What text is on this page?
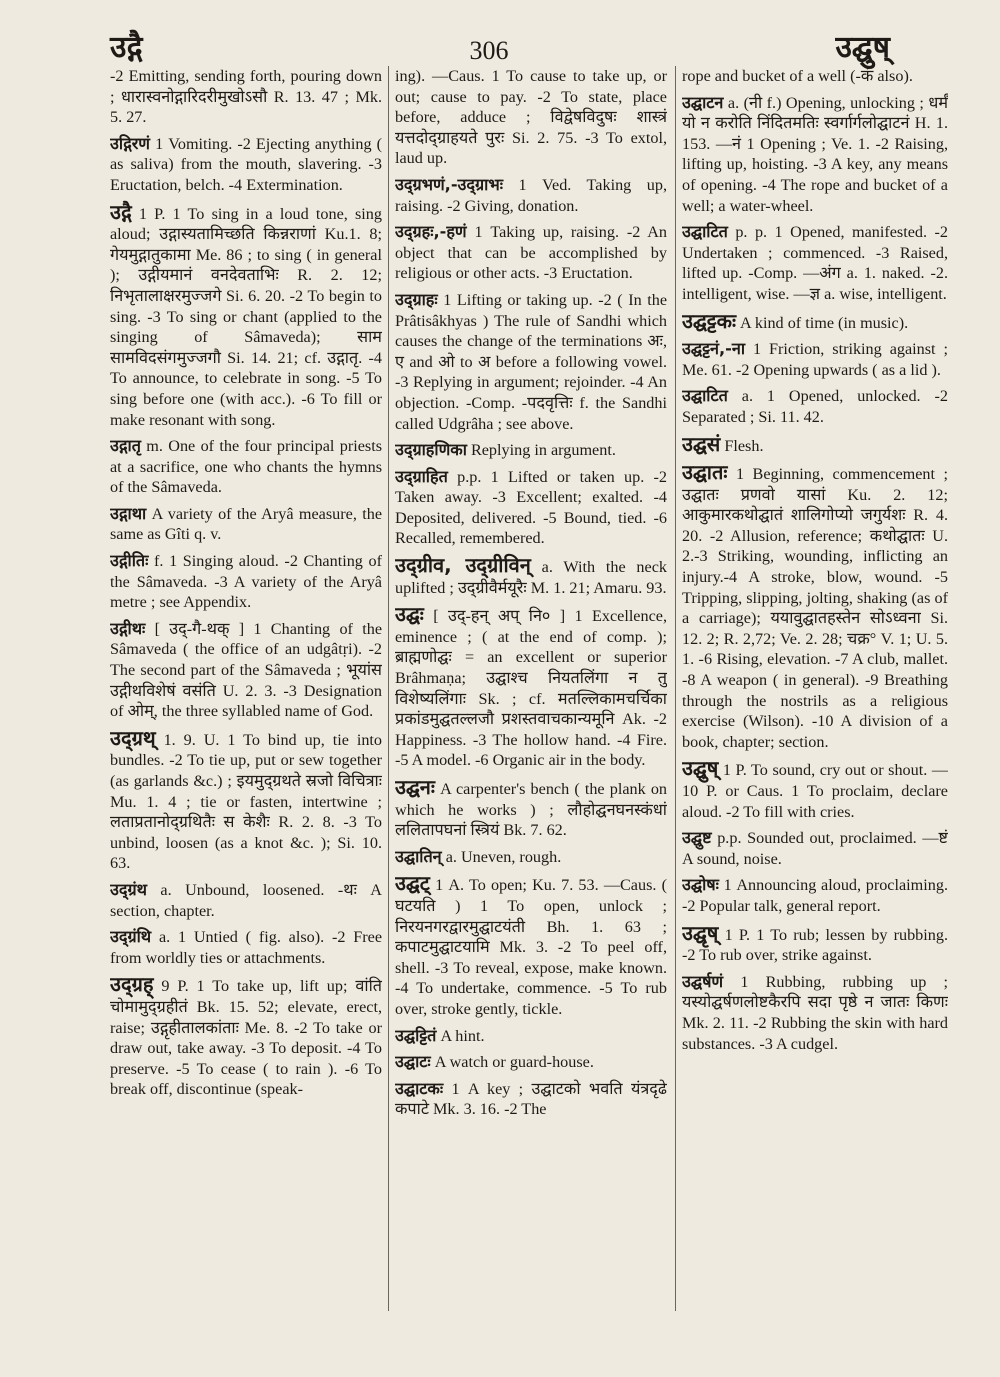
उद्गै	306	उद्घुष्
-2 Emitting, sending forth, pouring down ; धारास्वनोद्गारिदरीमुखोऽसौ R. 13. 47 ; Mk. 5. 27.
उद्गिरणं 1 Vomiting. -2 Ejecting anything ( as saliva) from the mouth, slavering. -3 Eructation, belch. -4 Extermination.
उद्गै 1 P. 1 To sing in a loud tone, sing aloud; उद्गास्यतामिच्छति किन्नराणां Ku.1. 8; गेयमुद्गातुकामा Me. 86 ; to sing ( in general ); उद्गीयमानं वनदेवताभिः R. 2. 12; निभृतालाक्षरमुज्जगे Si. 6. 20. -2 To begin to sing. -3 To sing or chant (applied to the singing of Sâmaveda); साम सामविदसंगमुज्जगौ Si. 14. 21; cf. उद्गातृ. -4 To announce, to celebrate in song. -5 To sing before one (with acc.). -6 To fill or make resonant with song.
उद्गातृ m. One of the four principal priests at a sacrifice, one who chants the hymns of the Sâmaveda.
उद्गाथा A variety of the Aryâ measure, the same as Gîti q. v.
उद्गीतिः f. 1 Singing aloud. -2 Chanting of the Sâmaveda. -3 A variety of the Aryâ metre ; see Appendix.
उद्गीथः [ उद्-गै-थक् ] 1 Chanting of the Sâmaveda ( the office of an udgâtṛi). -2 The second part of the Sâmaveda ; भूयांस उद्गीथविशेषं वसंति U. 2. 3. -3 Designation of ओम्, the three syllabled name of God.
उद्ग्रथ् 1. 9. U. 1 To bind up, tie into bundles. -2 To tie up, put or sew together (as garlands &c.) ; इयमुद्ग्रथते स्रजो विचित्राः Mu. 1. 4 ; tie or fasten, intertwine ; लताप्रतानोद्ग्रथितैः स केशैः R. 2. 8. -3 To unbind, loosen (as a knot &c. ); Si. 10. 63.
उद्ग्रंथ a. Unbound, loosened. -थः A section, chapter.
उद्ग्रंथि a. 1 Untied ( fig. also). -2 Free from worldly ties or attachments.
उद्ग्रह् 9 P. 1 To take up, lift up; वांति चोमामुद्ग्रहीतं Bk. 15. 52; elevate, erect, raise; उद्गृहीतालकांताः Me. 8. -2 To take or draw out, take away. -3 To deposit. -4 To preserve. -5 To cease ( to rain ). -6 To break off, discontinue (speak-
ing). —Caus. 1 To cause to take up, or out; cause to pay. -2 To state, place before, adduce ; विद्वेषविदुषः शास्त्रं यत्तदोद्ग्राहयते पुरः Si. 2. 75. -3 To extol, laud up.
उद्ग्रभणं,-उद्ग्राभः 1 Ved. Taking up, raising. -2 Giving, donation.
उद्ग्रहः,-हणं 1 Taking up, raising. -2 An object that can be accomplished by religious or other acts. -3 Eructation.
उद्ग्राहः 1 Lifting or taking up. -2 ( In the Prâtisâkhyas ) The rule of Sandhi which causes the change of the terminations अः, ए and ओ to अ before a following vowel. -3 Replying in argument; rejoinder. -4 An objection. -Comp. -पदवृत्तिः f. the Sandhi called Udgrâha ; see above.
उद्ग्राहणिका Replying in argument.
उद्ग्राहित p.p. 1 Lifted or taken up. -2 Taken away. -3 Excellent; exalted. -4 Deposited, delivered. -5 Bound, tied. -6 Recalled, remembered.
उद्ग्रीव, उद्ग्रीविन् a. With the neck uplifted ; उद्ग्रीवैर्मयूरैः M. 1. 21; Amaru. 93.
उद्घः [ उद्-हन् अप् नि० ] 1 Excellence, eminence ; ( at the end of comp. ); ब्राह्मणोद्घः = an excellent or superior Brâhmaṇa; उद्घाश्च नियतलिंगा न तु विशेष्यलिंगाः Sk. ; cf. मतल्लिकामचर्चिका प्रकांडमुद्घतल्लजौ प्रशस्तवाचकान्यमूनि Ak. -2 Happiness. -3 The hollow hand. -4 Fire. -5 A model. -6 Organic air in the body.
उद्घनः A carpenter's bench ( the plank on which he works ) ; लौहोद्घनघनस्कंधां ललितापघनां स्त्रियं Bk. 7. 62.
उद्घातिन् a. Uneven, rough.
उद्घट् 1 A. To open; Ku. 7. 53. —Caus. ( घटयति ) 1 To open, unlock ; निरयनगरद्वारमुद्घाटयंती Bh. 1. 63 ; कपाटमुद्घाटयामि Mk. 3. -2 To peel off, shell. -3 To reveal, expose, make known. -4 To undertake, commence. -5 To rub over, stroke gently, tickle.
उद्घट्टितं A hint.
उद्घाटः A watch or guard-house.
उद्घाटकः 1 A key ; उद्घाटको भवति यंत्रदृढे कपाटे Mk. 3. 16. -2 The
rope and bucket of a well (-कं also).
उद्घाटन a. (नी f.) Opening, unlocking ; धर्मं यो न करोति निंदितमतिः स्वर्गार्गलोद्घाटनं H. 1. 153. —नं 1 Opening ; Ve. 1. -2 Raising, lifting up, hoisting. -3 A key, any means of opening. -4 The rope and bucket of a well; a water-wheel.
उद्घाटित p. p. 1 Opened, manifested. -2 Undertaken ; commenced. -3 Raised, lifted up. -Comp. —अंग a. 1. naked. -2. intelligent, wise. —ज्ञ a. wise, intelligent.
उद्घट्टकः A kind of time (in music).
उद्घट्टनं,-ना 1 Friction, striking against ; Me. 61. -2 Opening upwards ( as a lid ).
उद्घाटित a. 1 Opened, unlocked. -2 Separated ; Si. 11. 42.
उद्घसं Flesh.
उद्घातः 1 Beginning, commencement ; उद्घातः प्रणवो यासां Ku. 2. 12; आकुमारकथोद्घातं शालिगोप्यो जगुर्यशः R. 4. 20. -2 Allusion, reference; कथोद्घातः U. 2.-3 Striking, wounding, inflicting an injury.-4 A stroke, blow, wound. -5 Tripping, slipping, jolting, shaking (as of a carriage); ययावुद्घातहस्तेन सोऽध्वना Si. 12. 2; R. 2,72; Ve. 2. 28; चक्र° V. 1; U. 5. 1. -6 Rising, elevation. -7 A club, mallet. -8 A weapon ( in general). -9 Breathing through the nostrils as a religious exercise (Wilson). -10 A division of a book, chapter; section.
उद्घुष् 1 P. To sound, cry out or shout. —10 P. or Caus. 1 To proclaim, declare aloud. -2 To fill with cries.
उद्घुष्ट p.p. Sounded out, proclaimed. —ष्टं A sound, noise.
उद्घोषः 1 Announcing aloud, proclaiming. -2 Popular talk, general report.
उद्घृष् 1 P. 1 To rub; lessen by rubbing. -2 To rub over, strike against.
उद्घर्षणं 1 Rubbing, rubbing up ; यस्योद्घर्षणलोष्टकैरपि सदा पृष्ठे न जातः किणः Mk. 2. 11. -2 Rubbing the skin with hard substances. -3 A cudgel.
